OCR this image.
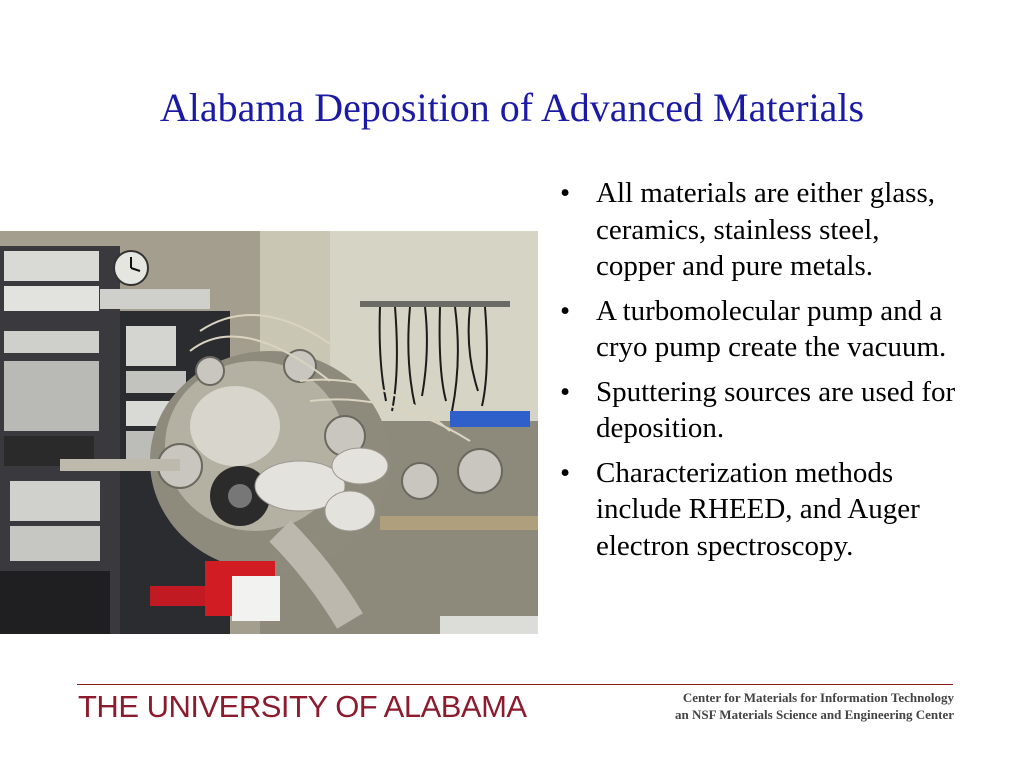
Alabama Deposition of Advanced Materials
• All materials are either glass, ceramics, stainless steel, copper and pure metals.
• A turbomolecular pump and a cryo pump create the vacuum.
• Sputtering sources are used for deposition.
• Characterization methods include RHEED, and Auger electron spectroscopy.
THE UNIVERSITY OF ALABAMA	Center for Materials for Information Technology
an NSF Materials Science and Engineering Center
